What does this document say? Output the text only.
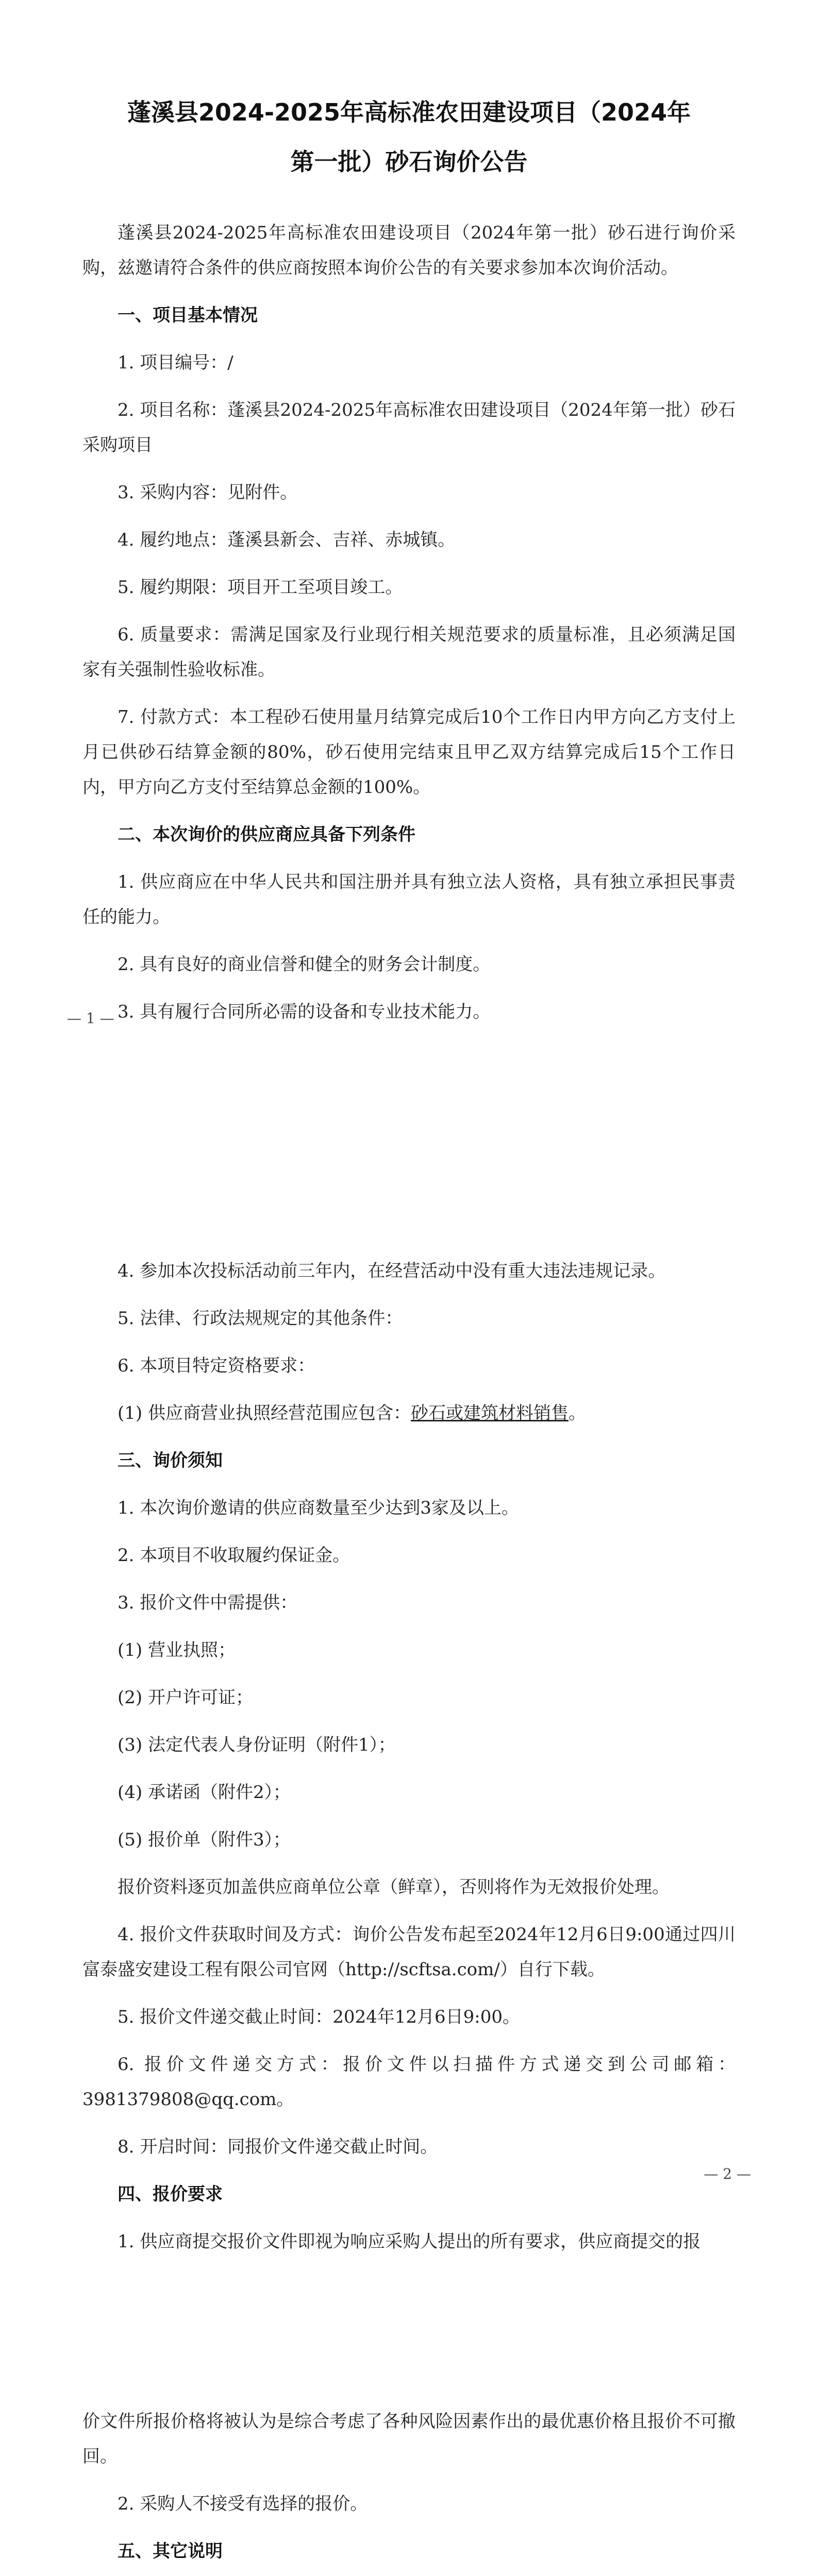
蓬溪县2024-2025年高标准农田建设项目（2024年
第一批）砂石询价公告

蓬溪县2024-2025年高标准农田建设项目（2024年第一批）砂石进行询价采购，兹邀请符合条件的供应商按照本询价公告的有关要求参加本次询价活动。

一、项目基本情况

1. 项目编号：/

2. 项目名称：蓬溪县2024-2025年高标准农田建设项目（2024年第一批）砂石采购项目

3. 采购内容：见附件。

4. 履约地点：蓬溪县新会、吉祥、赤城镇。

5. 履约期限：项目开工至项目竣工。

6. 质量要求：需满足国家及行业现行相关规范要求的质量标准，且必须满足国家有关强制性验收标准。

7. 付款方式：本工程砂石使用量月结算完成后10个工作日内甲方向乙方支付上月已供砂石结算金额的80%，砂石使用完结束且甲乙双方结算完成后15个工作日内，甲方向乙方支付至结算总金额的100%。

二、本次询价的供应商应具备下列条件

1. 供应商应在中华人民共和国注册并具有独立法人资格，具有独立承担民事责任的能力。

2. 具有良好的商业信誉和健全的财务会计制度。

3. 具有履行合同所必需的设备和专业技术能力。

— 1 —

4. 参加本次投标活动前三年内，在经营活动中没有重大违法违规记录。

5. 法律、行政法规规定的其他条件：

6. 本项目特定资格要求：

(1) 供应商营业执照经营范围应包含：砂石或建筑材料销售。

三、询价须知

1. 本次询价邀请的供应商数量至少达到3家及以上。

2. 本项目不收取履约保证金。

3. 报价文件中需提供：

(1) 营业执照；

(2) 开户许可证；

(3) 法定代表人身份证明（附件1）；

(4) 承诺函（附件2）；

(5) 报价单（附件3）；

报价资料逐页加盖供应商单位公章（鲜章），否则将作为无效报价处理。

4. 报价文件获取时间及方式：询价公告发布起至2024年12月6日9:00通过四川富泰盛安建设工程有限公司官网（http://scftsa.com/）自行下载。

5. 报价文件递交截止时间：2024年12月6日9:00。

6. 报价文件递交方式：报价文件以扫描件方式递交到公司邮箱：3981379808@qq.com。

8. 开启时间：同报价文件递交截止时间。

四、报价要求

1. 供应商提交报价文件即视为响应采购人提出的所有要求，供应商提交的报

— 2 —

价文件所报价格将被认为是综合考虑了各种风险因素作出的最优惠价格且报价不可撤回。

2. 采购人不接受有选择的报价。

五、其它说明
